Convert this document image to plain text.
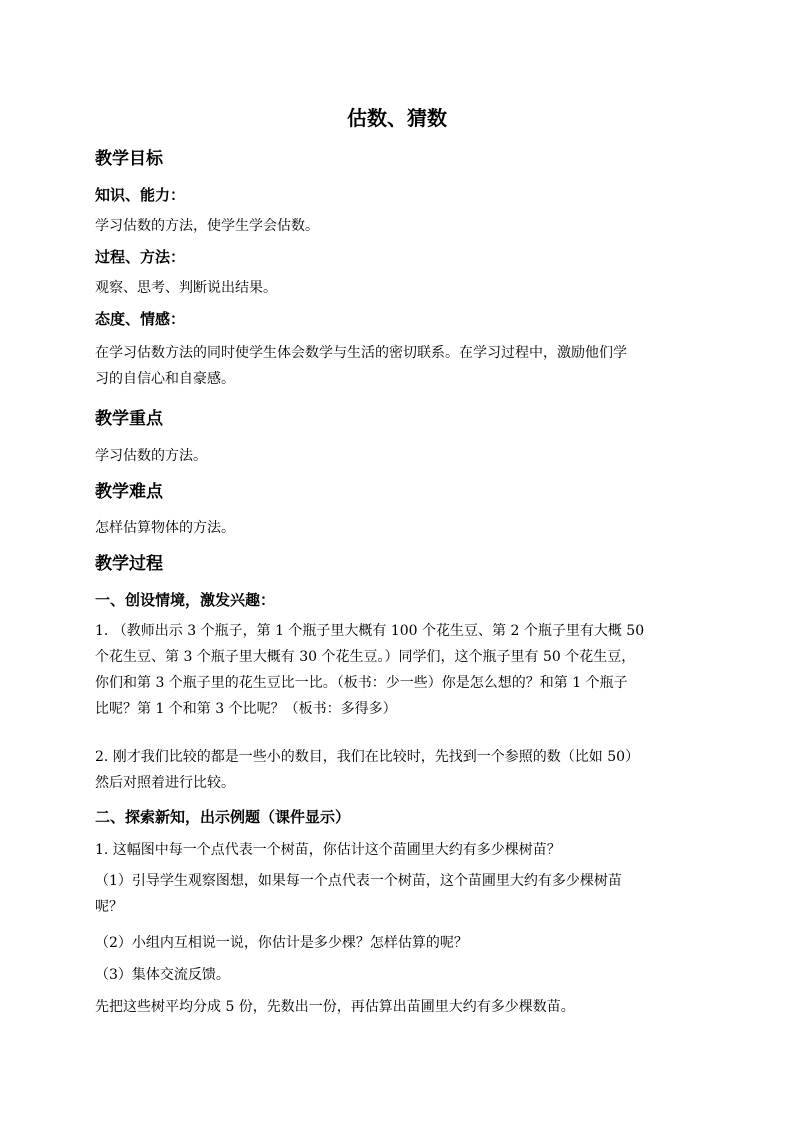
估数、猜数
教学目标
知识、能力：
学习估数的方法，使学生学会估数。
过程、方法：
观察、思考、判断说出结果。
态度、情感：
在学习估数方法的同时使学生体会数学与生活的密切联系。在学习过程中，激励他们学
习的自信心和自豪感。
教学重点
学习估数的方法。
教学难点
怎样估算物体的方法。
教学过程
一、创设情境，激发兴趣：
1. （教师出示 3 个瓶子，第 1 个瓶子里大概有 100 个花生豆、第 2 个瓶子里有大概 50
个花生豆、第 3 个瓶子里大概有 30 个花生豆。）同学们，这个瓶子里有 50 个花生豆，
你们和第 3 个瓶子里的花生豆比一比。（板书：少一些）你是怎么想的？和第 1 个瓶子
比呢？第 1 个和第 3 个比呢？（板书：多得多）
2. 刚才我们比较的都是一些小的数目，我们在比较时，先找到一个参照的数（比如 50）
然后对照着进行比较。
二、探索新知，出示例题（课件显示）
1. 这幅图中每一个点代表一个树苗，你估计这个苗圃里大约有多少棵树苗？
（1）引导学生观察图想，如果每一个点代表一个树苗，这个苗圃里大约有多少棵树苗
呢？
（2）小组内互相说一说，你估计是多少棵？怎样估算的呢？
（3）集体交流反馈。
先把这些树平均分成 5 份，先数出一份，再估算出苗圃里大约有多少棵数苗。
